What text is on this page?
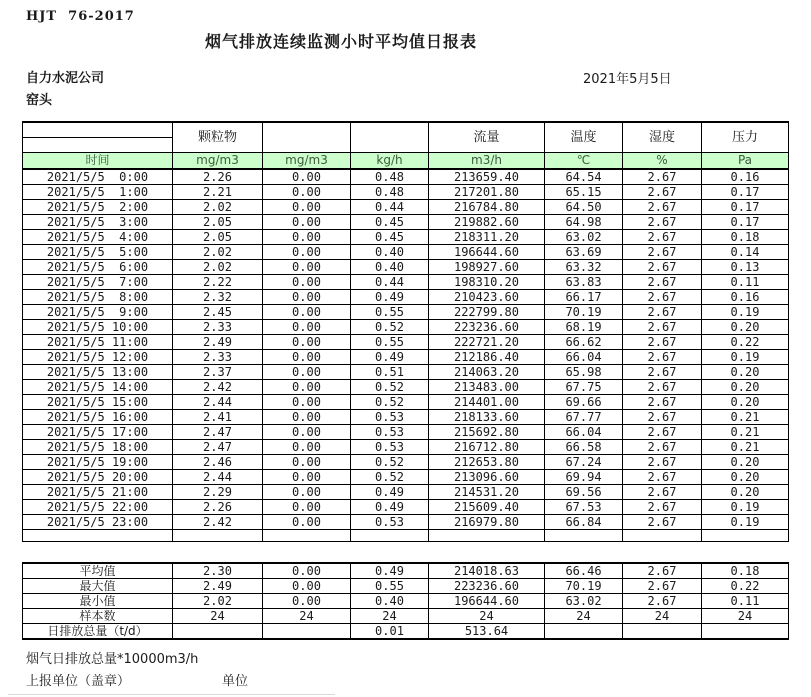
HJT  76-2017
烟气排放连续监测小时平均值日报表
自力水泥公司
窑头
2021年5月5日
	颗粒物			流量	温度	湿度	压力

时间	mg/m3	mg/m3	kg/h	m3/h	℃	%	Pa
2021/5/5  0:00	2.26	0.00	0.48	213659.40	64.54	2.67	0.16
2021/5/5  1:00	2.21	0.00	0.48	217201.80	65.15	2.67	0.17
2021/5/5  2:00	2.02	0.00	0.44	216784.80	64.50	2.67	0.17
2021/5/5  3:00	2.05	0.00	0.45	219882.60	64.98	2.67	0.17
2021/5/5  4:00	2.05	0.00	0.45	218311.20	63.02	2.67	0.18
2021/5/5  5:00	2.02	0.00	0.40	196644.60	63.69	2.67	0.14
2021/5/5  6:00	2.02	0.00	0.40	198927.60	63.32	2.67	0.13
2021/5/5  7:00	2.22	0.00	0.44	198310.20	63.83	2.67	0.11
2021/5/5  8:00	2.32	0.00	0.49	210423.60	66.17	2.67	0.16
2021/5/5  9:00	2.45	0.00	0.55	222799.80	70.19	2.67	0.19
2021/5/5 10:00	2.33	0.00	0.52	223236.60	68.19	2.67	0.20
2021/5/5 11:00	2.49	0.00	0.55	222721.20	66.62	2.67	0.22
2021/5/5 12:00	2.33	0.00	0.49	212186.40	66.04	2.67	0.19
2021/5/5 13:00	2.37	0.00	0.51	214063.20	65.98	2.67	0.20
2021/5/5 14:00	2.42	0.00	0.52	213483.00	67.75	2.67	0.20
2021/5/5 15:00	2.44	0.00	0.52	214401.00	69.66	2.67	0.20
2021/5/5 16:00	2.41	0.00	0.53	218133.60	67.77	2.67	0.21
2021/5/5 17:00	2.47	0.00	0.53	215692.80	66.04	2.67	0.21
2021/5/5 18:00	2.47	0.00	0.53	216712.80	66.58	2.67	0.21
2021/5/5 19:00	2.46	0.00	0.52	212653.80	67.24	2.67	0.20
2021/5/5 20:00	2.44	0.00	0.52	213096.60	69.94	2.67	0.20
2021/5/5 21:00	2.29	0.00	0.49	214531.20	69.56	2.67	0.20
2021/5/5 22:00	2.26	0.00	0.49	215609.40	67.53	2.67	0.19
2021/5/5 23:00	2.42	0.00	0.53	216979.80	66.84	2.67	0.19

平均值	2.30	0.00	0.49	214018.63	66.46	2.67	0.18
最大值	2.49	0.00	0.55	223236.60	70.19	2.67	0.22
最小值	2.02	0.00	0.40	196644.60	63.02	2.67	0.11
样本数	24	24	24	24	24	24	24
日排放总量（t/d）			0.01	513.64			
烟气日排放总量*10000m3/h
上报单位（盖章）	单位
